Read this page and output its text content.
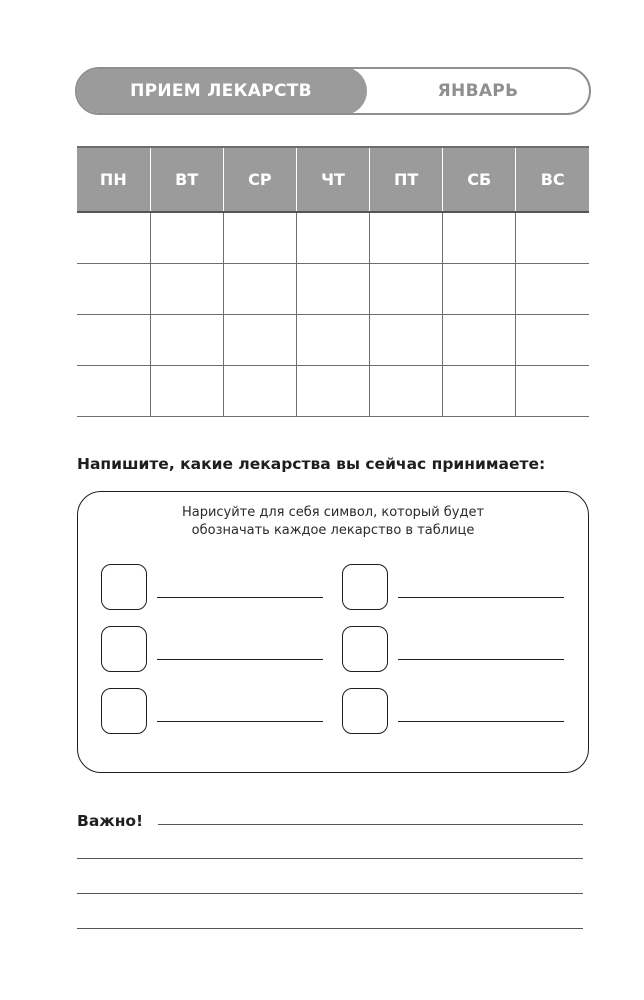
ПРИЕМ ЛЕКАРСТВ	ЯНВАРЬ
ПН	ВТ	СР	ЧТ	ПТ	СБ	ВС

Напишите, какие лекарства вы сейчас принимаете:
Нарисуйте для себя символ, который будет
обозначать каждое лекарство в таблице
Важно!
